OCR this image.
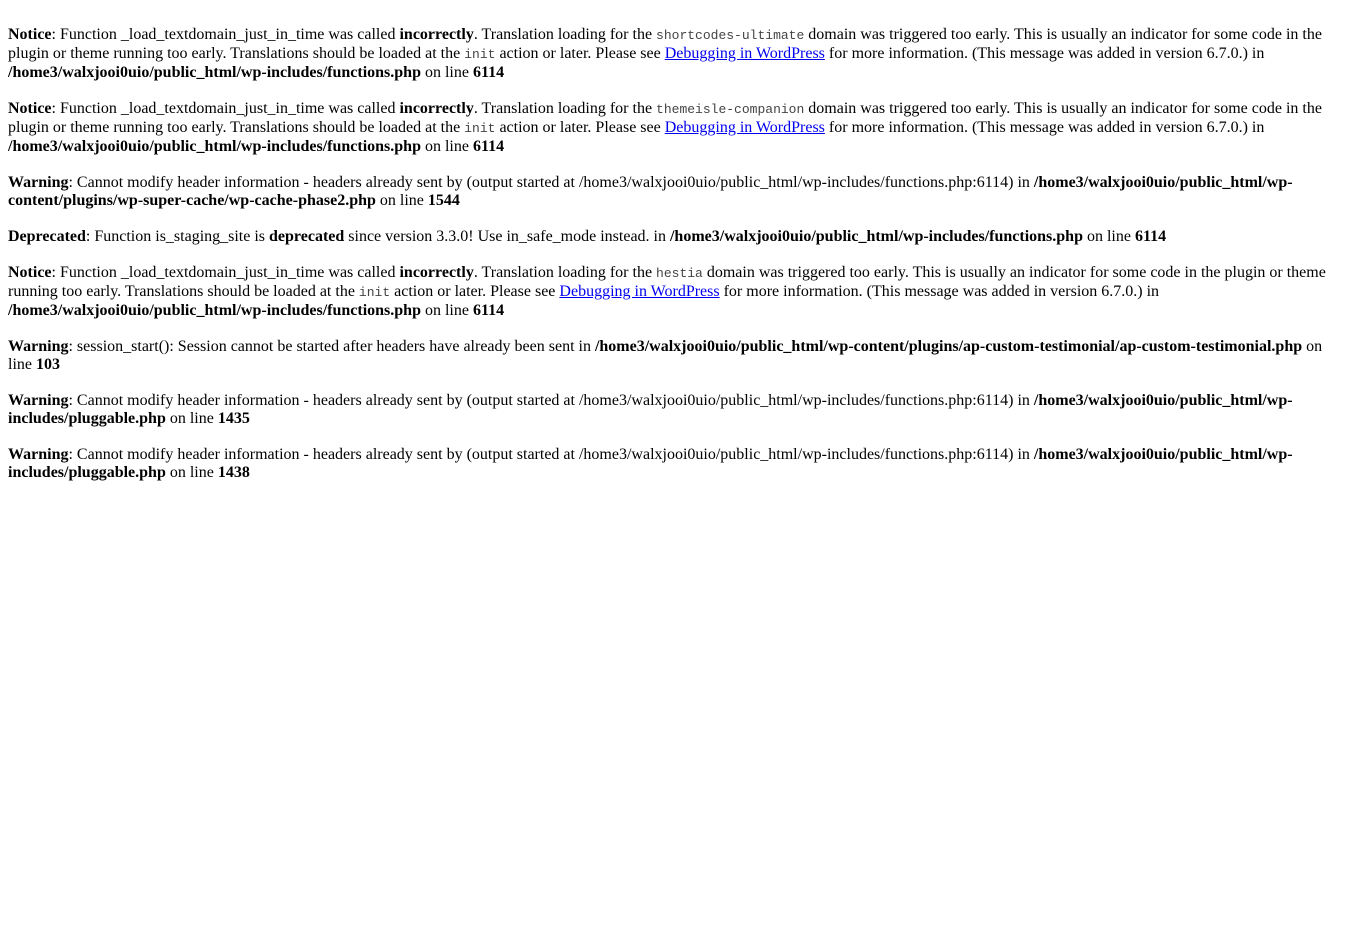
Notice: Function _load_textdomain_just_in_time was called incorrectly. Translation loading for the shortcodes-ultimate domain was triggered too early. This is usually an indicator for some code in the plugin or theme running too early. Translations should be loaded at the init action or later. Please see Debugging in WordPress for more information. (This message was added in version 6.7.0.) in /home3/walxjooi0uio/public_html/wp-includes/functions.php on line 6114
Notice: Function _load_textdomain_just_in_time was called incorrectly. Translation loading for the themeisle-companion domain was triggered too early. This is usually an indicator for some code in the plugin or theme running too early. Translations should be loaded at the init action or later. Please see Debugging in WordPress for more information. (This message was added in version 6.7.0.) in /home3/walxjooi0uio/public_html/wp-includes/functions.php on line 6114
Warning: Cannot modify header information - headers already sent by (output started at /home3/walxjooi0uio/public_html/wp-includes/functions.php:6114) in /home3/walxjooi0uio/public_html/wp-content/plugins/wp-super-cache/wp-cache-phase2.php on line 1544
Deprecated: Function is_staging_site is deprecated since version 3.3.0! Use in_safe_mode instead. in /home3/walxjooi0uio/public_html/wp-includes/functions.php on line 6114
Notice: Function _load_textdomain_just_in_time was called incorrectly. Translation loading for the hestia domain was triggered too early. This is usually an indicator for some code in the plugin or theme running too early. Translations should be loaded at the init action or later. Please see Debugging in WordPress for more information. (This message was added in version 6.7.0.) in /home3/walxjooi0uio/public_html/wp-includes/functions.php on line 6114
Warning: session_start(): Session cannot be started after headers have already been sent in /home3/walxjooi0uio/public_html/wp-content/plugins/ap-custom-testimonial/ap-custom-testimonial.php on line 103
Warning: Cannot modify header information - headers already sent by (output started at /home3/walxjooi0uio/public_html/wp-includes/functions.php:6114) in /home3/walxjooi0uio/public_html/wp-includes/pluggable.php on line 1435
Warning: Cannot modify header information - headers already sent by (output started at /home3/walxjooi0uio/public_html/wp-includes/functions.php:6114) in /home3/walxjooi0uio/public_html/wp-includes/pluggable.php on line 1438
